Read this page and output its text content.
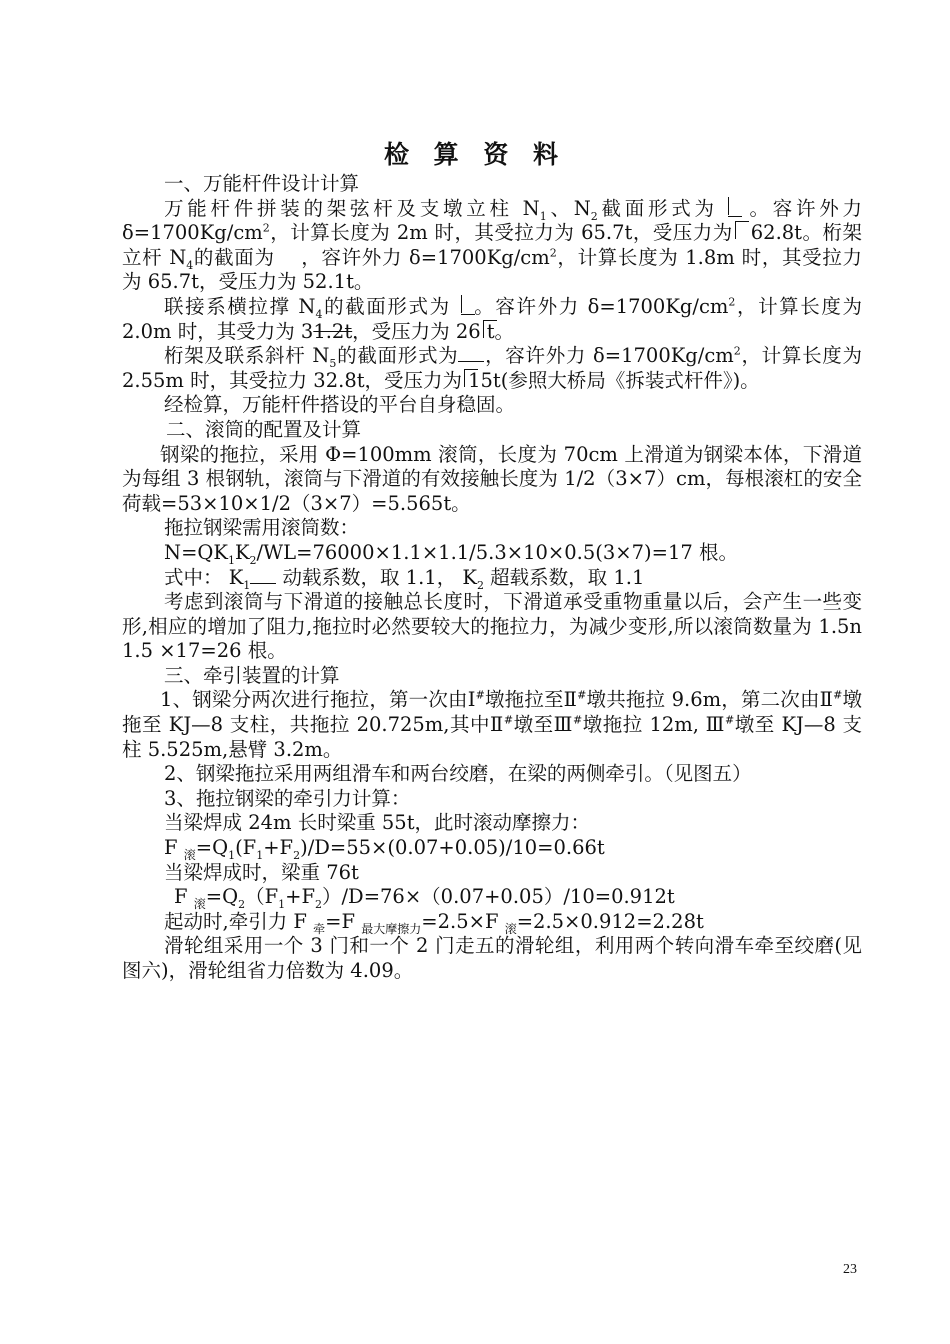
检 算 资 料

一、万能杆件设计计算

万能杆件拼装的架弦杆及支墩立柱 $N_1$、$N_2$截面形式为 。容许外力$\delta=1700Kg/cm^2$，计算长度为 2m 时，其受拉力为 65.7t，受压力为 62.8t。桁架立杆 $N_4$的截面为 ，容许外力 $\delta=1700Kg/cm^2$，计算长度为 1.8m 时，其受拉力为 65.7t，受压力为 52.1t。

联接系横拉撑 $N_4$的截面形式为 。容许外力 $\delta=1700Kg/cm^2$，计算长度为 2.0m 时，其受力为 31.2t，受压力为 26 t。

桁架及联系斜杆 $N_5$的截面形式为 ，容许外力 $\delta=1700Kg/cm^2$，计算长度为 2.55m 时，其受拉力 32.8t，受压力为 15t(参照大桥局《拆装式杆件》)。

经检算，万能杆件搭设的平台自身稳固。

二、滚筒的配置及计算

钢梁的拖拉，采用 Φ=100mm 滚筒，长度为 70cm 上滑道为钢梁本体，下滑道为每组 3 根钢轨，滚筒与下滑道的有效接触长度为 1/2（3×7）cm，每根滚杠的安全荷载=53×10×1/2（3×7）=5.565t。

拖拉钢梁需用滚筒数：

$N=QK_1K_2/WL=76000\times 1.1\times 1.1/5.3\times 10\times 0.5(3\times 7)=17$ 根。

式中： $K_1$ 动载系数，取 1.1， $K_2$ 超载系数，取 1.1

考虑到滚筒与下滑道的接触总长度时，下滑道承受重物重量以后，会产生一些变形,相应的增加了阻力,拖拉时必然要较大的拖拉力，为减少变形,所以滚筒数量为 1.5n 1.5 ×17=26 根。

三、牵引装置的计算

1、钢梁分两次进行拖拉，第一次由Ⅰ#墩拖拉至Ⅱ#墩共拖拉 9.6m，第二次由Ⅱ#墩拖至 KJ—8 支柱，共拖拉 20.725m,其中Ⅱ#墩至Ⅲ#墩拖拉 12m, Ⅲ#墩至 KJ—8 支柱 5.525m,悬臂 3.2m。

2、钢梁拖拉采用两组滑车和两台绞磨，在梁的两侧牵引。（见图五）

3、拖拉钢梁的牵引力计算：

当梁焊成 24m 长时梁重 55t，此时滚动摩擦力：

F $_滚=Q_1(F_1+F_2)/D=55\times(0.07+0.05)/10=0.66t$

当梁焊成时，梁重 76t

F $_滚=Q_2(F_1+F_2)/D=76\times(0.07+0.05)/10=0.912t$

起动时,牵引力 F $_牵$=F $_{最大摩擦力}$=2.5×F $_滚$=2.5×0.912=2.28t

滑轮组采用一个 3 门和一个 2 门走五的滑轮组，利用两个转向滑车牵至绞磨(见图六)，滑轮组省力倍数为 4.09。

23
